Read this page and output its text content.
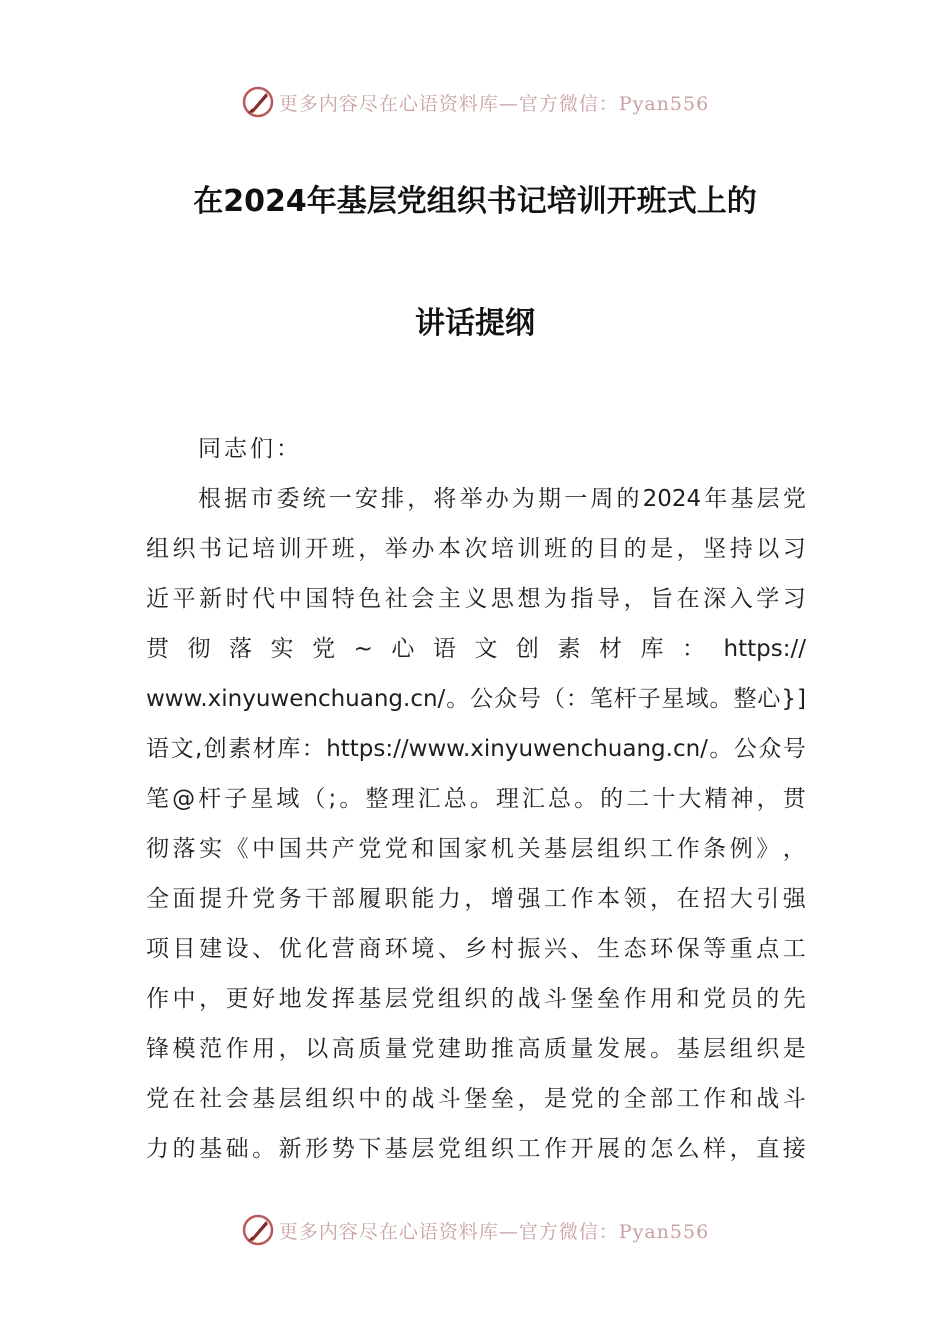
更多内容尽在心语资料库—官方微信：Pyan556
在2024年基层党组织书记培训开班式上的
讲话提纲
同志们：
根 据 市 委 统 一 安 排 ， 将 举 办 为 期 一 周 的 2024 年 基 层 党
组 织 书 记 培 训 开 班 ， 举 办 本 次 培 训 班 的 目 的 是 ， 坚 持 以 习
近 平 新 时 代 中 国 特 色 社 会 主 义 思 想 为 指 导 ， 旨 在 深 入 学 习
贯 彻 落 实 党 ~ 心 语 文 创 素 材 库 ： https://
www.xinyuwenchuang.cn/ 。 公 众 号 （ ： 笔 杆 子 星 域 。 整 心 } ]
语 文 , 创 素 材 库 ： https://www.xinyuwenchuang.cn/ 。 公 众 号
笔 @ 杆 子 星 域 （ ; 。 整 理 汇 总 。 理 汇 总 。 的 二 十 大 精 神 ， 贯
彻 落 实 《 中 国 共 产 党 党 和 国 家 机 关 基 层 组 织 工 作 条 例 》 ，
全 面 提 升 党 务 干 部 履 职 能 力 ， 增 强 工 作 本 领 ， 在 招 大 引 强
项 目 建 设 、 优 化 营 商 环 境 、 乡 村 振 兴 、 生 态 环 保 等 重 点 工
作 中 ， 更 好 地 发 挥 基 层 党 组 织 的 战 斗 堡 垒 作 用 和 党 员 的 先
锋 模 范 作 用 ， 以 高 质 量 党 建 助 推 高 质 量 发 展 。 基 层 组 织 是
党 在 社 会 基 层 组 织 中 的 战 斗 堡 垒 ， 是 党 的 全 部 工 作 和 战 斗
力 的 基 础 。 新 形 势 下 基 层 党 组 织 工 作 开 展 的 怎 么 样 ， 直 接
更多内容尽在心语资料库—官方微信：Pyan556
